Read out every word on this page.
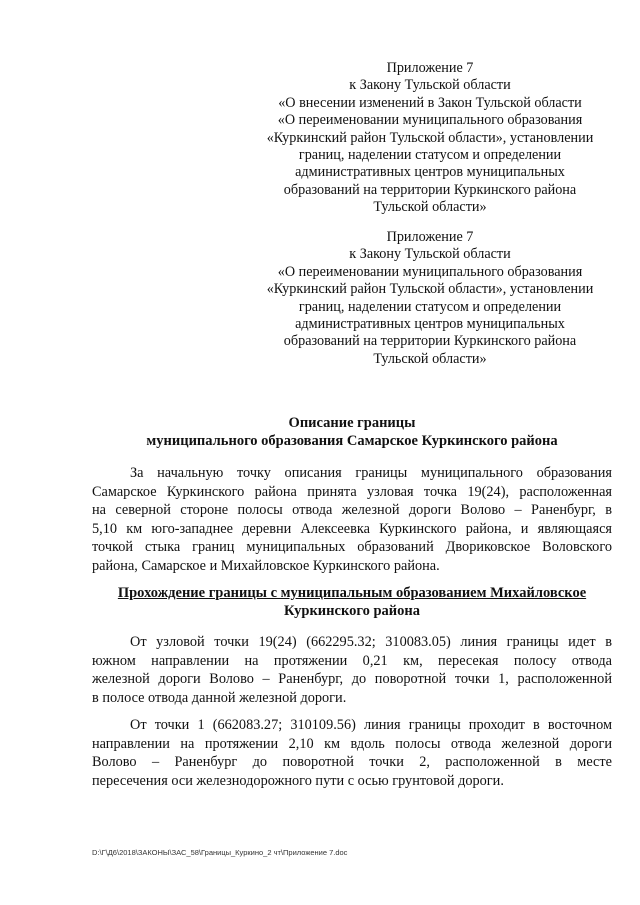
Приложение 7
к Закону Тульской области
«О внесении изменений в Закон Тульской области
«О переименовании муниципального образования
«Куркинский район Тульской области», установлении
границ, наделении статусом и определении
административных центров муниципальных
образований на территории Куркинского района
Тульской области»
Приложение 7
к Закону Тульской области
«О переименовании муниципального образования
«Куркинский район Тульской области», установлении
границ, наделении статусом и определении
административных центров муниципальных
образований на территории Куркинского района
Тульской области»
Описание границы
муниципального образования Самарское Куркинского района
За начальную точку описания границы муниципального образования
Самарское Куркинского района принята узловая точка 19(24), расположенная
на северной стороне полосы отвода железной дороги Волово – Раненбург, в
5,10 км юго-западнее деревни Алексеевка Куркинского района, и являющаяся
точкой стыка границ муниципальных образований Двориковское Воловского
района, Самарское и Михайловское Куркинского района.
Прохождение границы с муниципальным образованием Михайловское
Куркинского района
От узловой точки 19(24) (662295.32; 310083.05) линия границы идет в
южном направлении на протяжении 0,21 км, пересекая полосу отвода
железной дороги Волово – Раненбург, до поворотной точки 1, расположенной
в полосе отвода данной железной дороги.
От точки 1 (662083.27; 310109.56) линия границы проходит в восточном
направлении на протяжении 2,10 км вдоль полосы отвода железной дороги
Волово – Раненбург до поворотной точки 2, расположенной в месте
пересечения оси железнодорожного пути с осью грунтовой дороги.
D:\Г\Д6\2018\ЗАКОНЫ\ЗАС_58\Границы_Куркино_2 чт\Приложение 7.doc
